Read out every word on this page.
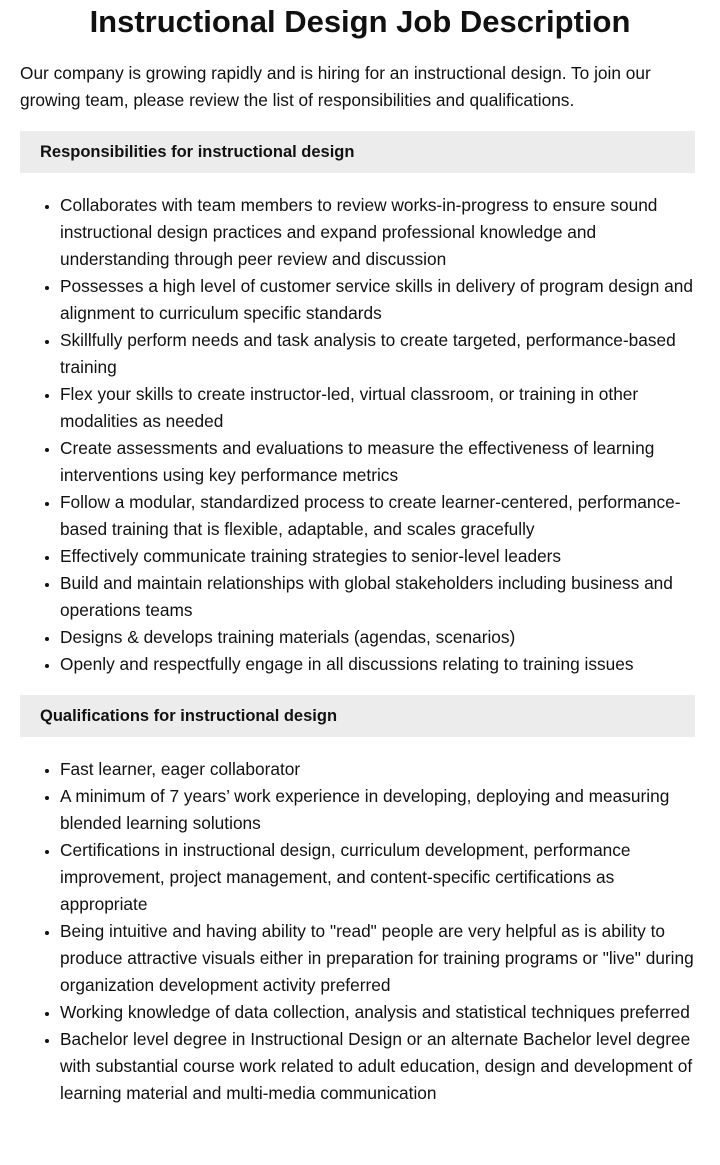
Instructional Design Job Description

Our company is growing rapidly and is hiring for an instructional design. To join our growing team, please review the list of responsibilities and qualifications.

Responsibilities for instructional design
• Collaborates with team members to review works-in-progress to ensure sound instructional design practices and expand professional knowledge and understanding through peer review and discussion
• Possesses a high level of customer service skills in delivery of program design and alignment to curriculum specific standards
• Skillfully perform needs and task analysis to create targeted, performance-based training
• Flex your skills to create instructor-led, virtual classroom, or training in other modalities as needed
• Create assessments and evaluations to measure the effectiveness of learning interventions using key performance metrics
• Follow a modular, standardized process to create learner-centered, performance-based training that is flexible, adaptable, and scales gracefully
• Effectively communicate training strategies to senior-level leaders
• Build and maintain relationships with global stakeholders including business and operations teams
• Designs & develops training materials (agendas, scenarios)
• Openly and respectfully engage in all discussions relating to training issues
Qualifications for instructional design
• Fast learner, eager collaborator
• A minimum of 7 years’ work experience in developing, deploying and measuring blended learning solutions
• Certifications in instructional design, curriculum development, performance improvement, project management, and content-specific certifications as appropriate
• Being intuitive and having ability to "read" people are very helpful as is ability to produce attractive visuals either in preparation for training programs or "live" during organization development activity preferred
• Working knowledge of data collection, analysis and statistical techniques preferred
• Bachelor level degree in Instructional Design or an alternate Bachelor level degree with substantial course work related to adult education, design and development of learning material and multi-media communication
